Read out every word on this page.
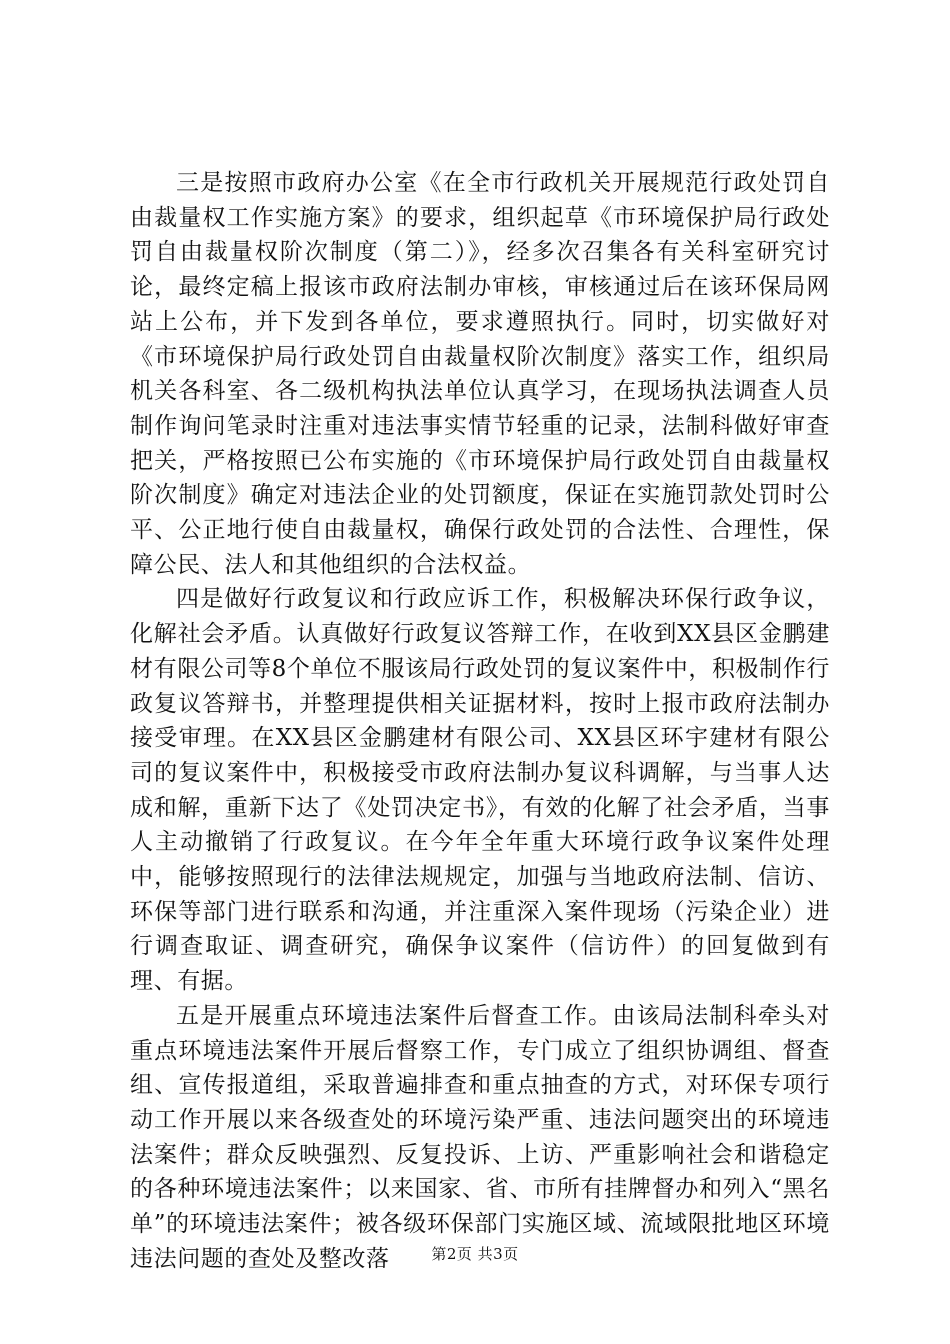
三是按照市政府办公室《在全市行政机关开展规范行政处罚自由裁量权工作实施方案》的要求，组织起草《市环境保护局行政处罚自由裁量权阶次制度（第二）》，经多次召集各有关科室研究讨论，最终定稿上报该市政府法制办审核，审核通过后在该环保局网站上公布，并下发到各单位，要求遵照执行。同时，切实做好对《市环境保护局行政处罚自由裁量权阶次制度》落实工作，组织局机关各科室、各二级机构执法单位认真学习，在现场执法调查人员制作询问笔录时注重对违法事实情节轻重的记录，法制科做好审查把关，严格按照已公布实施的《市环境保护局行政处罚自由裁量权阶次制度》确定对违法企业的处罚额度，保证在实施罚款处罚时公平、公正地行使自由裁量权，确保行政处罚的合法性、合理性，保障公民、法人和其他组织的合法权益。

四是做好行政复议和行政应诉工作，积极解决环保行政争议，化解社会矛盾。认真做好行政复议答辩工作，在收到XX县区金鹏建材有限公司等8个单位不服该局行政处罚的复议案件中，积极制作行政复议答辩书，并整理提供相关证据材料，按时上报市政府法制办接受审理。在XX县区金鹏建材有限公司、XX县区环宇建材有限公司的复议案件中，积极接受市政府法制办复议科调解，与当事人达成和解，重新下达了《处罚决定书》，有效的化解了社会矛盾，当事人主动撤销了行政复议。在今年全年重大环境行政争议案件处理中，能够按照现行的法律法规规定，加强与当地政府法制、信访、环保等部门进行联系和沟通，并注重深入案件现场（污染企业）进行调查取证、调查研究，确保争议案件（信访件）的回复做到有理、有据。

五是开展重点环境违法案件后督查工作。由该局法制科牵头对重点环境违法案件开展后督察工作，专门成立了组织协调组、督查组、宣传报道组，采取普遍排查和重点抽查的方式，对环保专项行动工作开展以来各级查处的环境污染严重、违法问题突出的环境违法案件；群众反映强烈、反复投诉、上访、严重影响社会和谐稳定的各种环境违法案件；以来国家、省、市所有挂牌督办和列入“黑名单”的环境违法案件；被各级环保部门实施区域、流域限批地区环境违法问题的查处及整改落	第2页 共3页
